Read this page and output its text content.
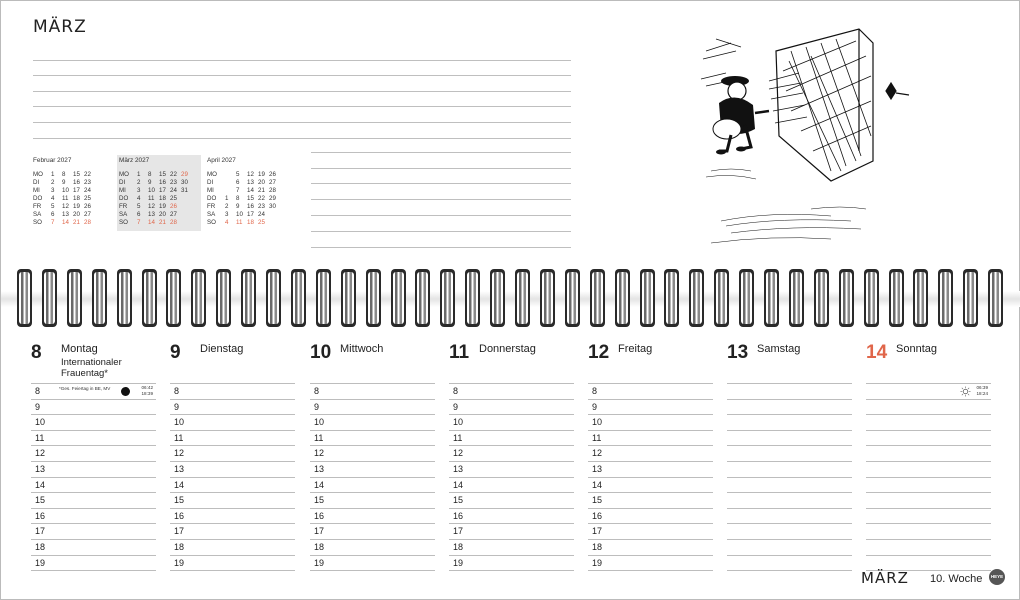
MÄRZ
Februar 2027
MO	1	8	15	22	
DI	2	9	16	23	
MI	3	10	17	24	
DO	4	11	18	25	
FR	5	12	19	26	
SA	6	13	20	27	
SO	7	14	21	28	
März 2027
MO	1	8	15	22	29
DI	2	9	16	23	30
MI	3	10	17	24	31
DO	4	11	18	25	
FR	5	12	19	26	
SA	6	13	20	27	
SO	7	14	21	28	
April 2027
MO		5	12	19	26
DI		6	13	20	27
MI		7	14	21	28
DO	1	8	15	22	29
FR	2	9	16	23	30
SA	3	10	17	24	
SO	4	11	18	25	
8 Montag
Internationaler Frauentag*
8	*Ges. Feiertag in BE, MV	06:42
18:39
9
10
11
12
13
14
15
16
17
18
19
9 Dienstag
8
9
10
11
12
13
14
15
16
17
18
19
10 Mittwoch
8
9
10
11
12
13
14
15
16
17
18
19
11 Donnerstag
8
9
10
11
12
13
14
15
16
17
18
19
12 Freitag
8
9
10
11
12
13
14
15
16
17
18
19
13 Samstag	14 Sonntag
06:39
18:24
MÄRZ 10. Woche	HEYE
